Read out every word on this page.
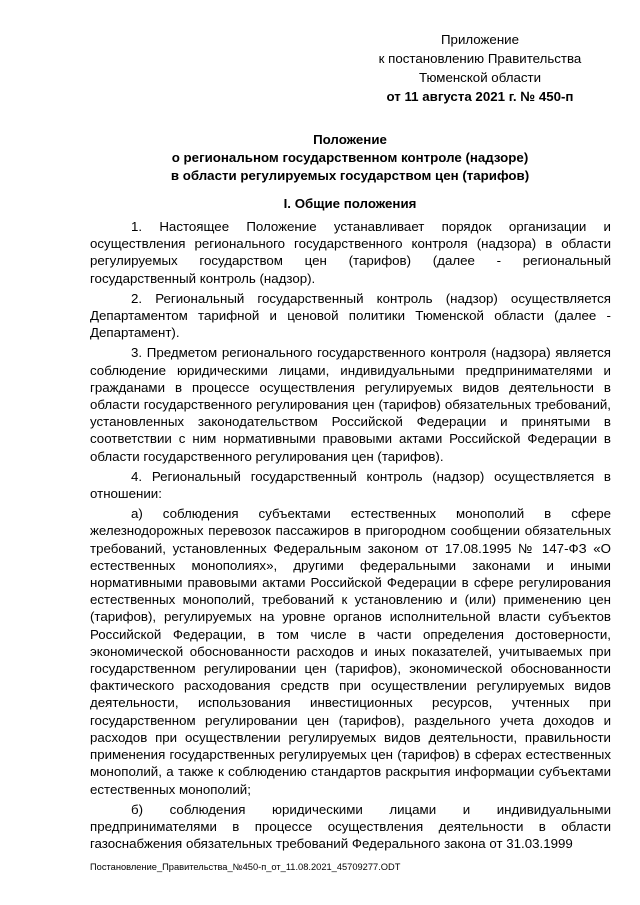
Приложение
к постановлению Правительства
Тюменской области
от 11 августа 2021 г. № 450-п
Положение
о региональном государственном контроле (надзоре)
в области регулируемых государством цен (тарифов)
I. Общие положения

1. Настоящее Положение устанавливает порядок организации и осуществления регионального государственного контроля (надзора) в области регулируемых государством цен (тарифов) (далее - региональный государственный контроль (надзор).

2. Региональный государственный контроль (надзор) осуществляется Департаментом тарифной и ценовой политики Тюменской области (далее - Департамент).

3. Предметом регионального государственного контроля (надзора) является соблюдение юридическими лицами, индивидуальными предпринимателями и гражданами в процессе осуществления регулируемых видов деятельности в области государственного регулирования цен (тарифов) обязательных требований, установленных законодательством Российской Федерации и принятыми в соответствии с ним нормативными правовыми актами Российской Федерации в области государственного регулирования цен (тарифов).

4. Региональный государственный контроль (надзор) осуществляется в отношении:

а) соблюдения субъектами естественных монополий в сфере железнодорожных перевозок пассажиров в пригородном сообщении обязательных требований, установленных Федеральным законом от 17.08.1995 № 147-ФЗ «О естественных монополиях», другими федеральными законами и иными нормативными правовыми актами Российской Федерации в сфере регулирования естественных монополий, требований к установлению и (или) применению цен (тарифов), регулируемых на уровне органов исполнительной власти субъектов Российской Федерации, в том числе в части определения достоверности, экономической обоснованности расходов и иных показателей, учитываемых при государственном регулировании цен (тарифов), экономической обоснованности фактического расходования средств при осуществлении регулируемых видов деятельности, использования инвестиционных ресурсов, учтенных при государственном регулировании цен (тарифов), раздельного учета доходов и расходов при осуществлении регулируемых видов деятельности, правильности применения государственных регулируемых цен (тарифов) в сферах естественных монополий, а также к соблюдению стандартов раскрытия информации субъектами естественных монополий;

б) соблюдения юридическими лицами и индивидуальными предпринимателями в процессе осуществления деятельности в области газоснабжения обязательных требований Федерального закона от 31.03.1999

Постановление_Правительства_№450-п_от_11.08.2021_45709277.ODT
